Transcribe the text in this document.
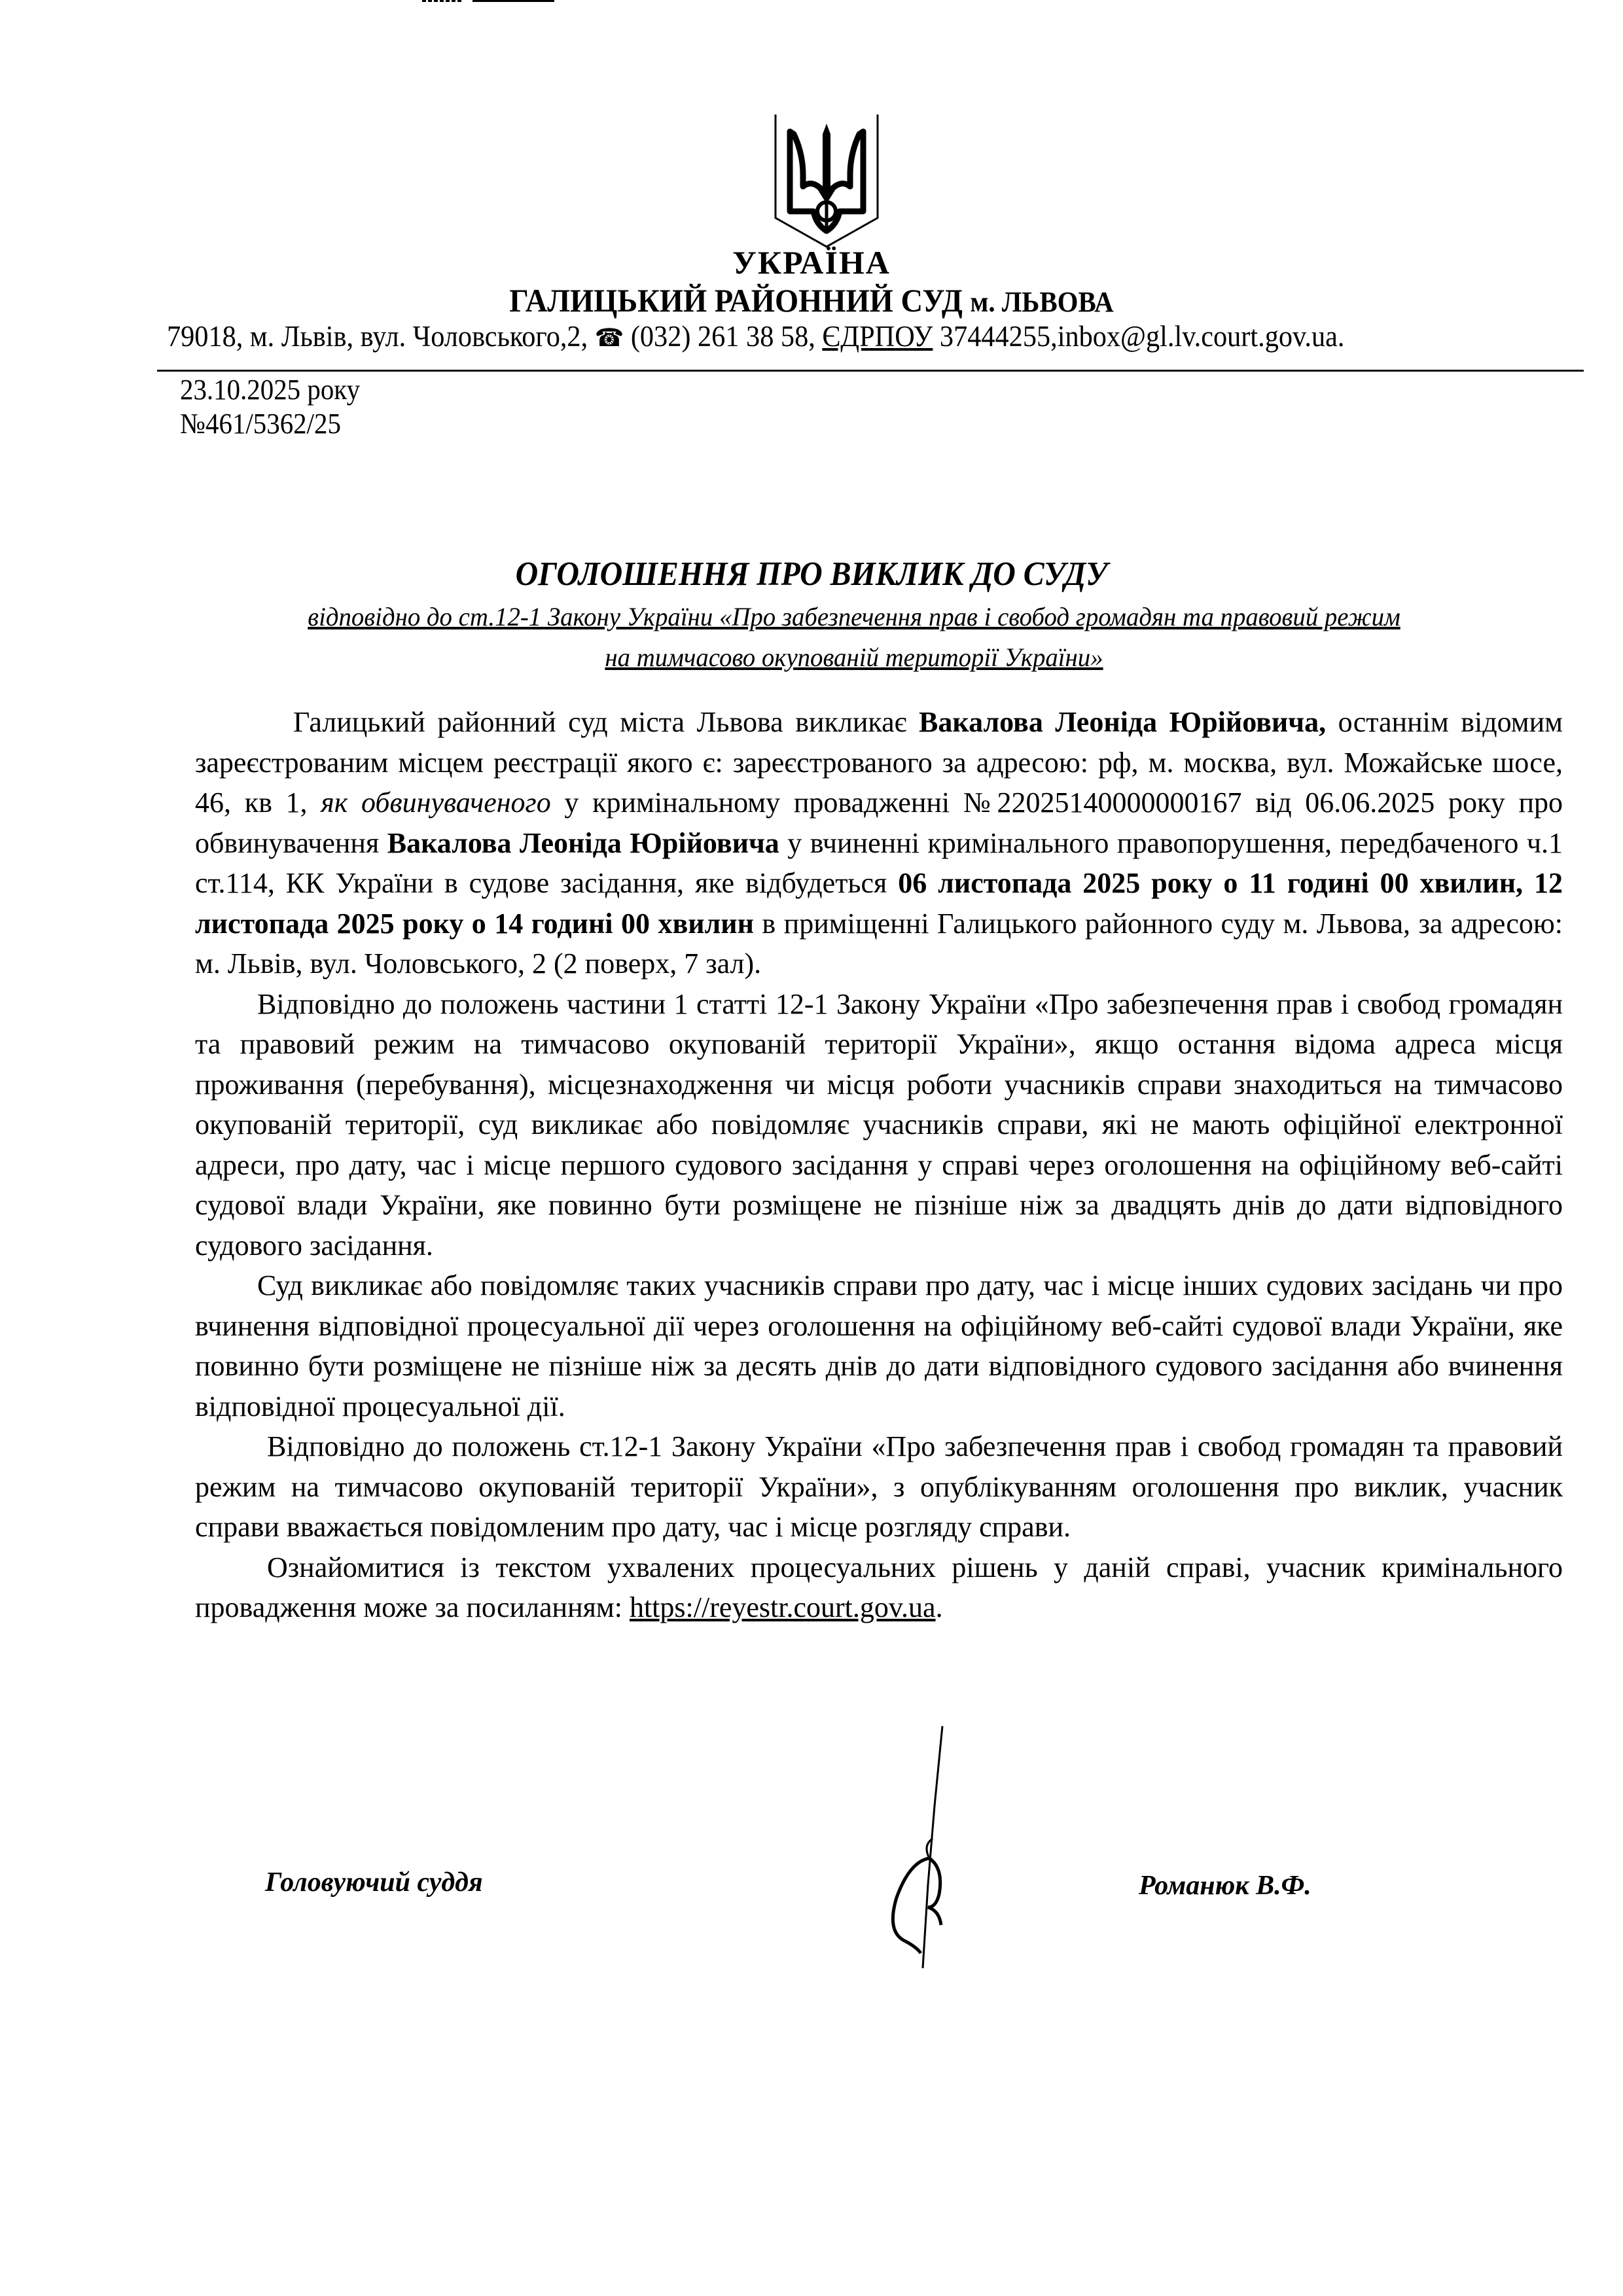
УКРАЇНА
ГАЛИЦЬКИЙ РАЙОННИЙ СУД м. ЛЬВОВА
79018, м. Львів, вул. Чоловського,2, ☎ (032) 261 38 58, ЄДРПОУ 37444255,inbox@gl.lv.court.gov.ua.
23.10.2025 року
№461/5362/25
ОГОЛОШЕННЯ ПРО ВИКЛИК ДО СУДУ
відповідно до ст.12-1 Закону України «Про забезпечення прав і свобод громадян та правовий режим
на тимчасово окупованій території України»

Галицький районний суд міста Львова викликає Вакалова Леоніда Юрійовича, останнім відомим зареєстрованим місцем реєстрації якого є: зареєстрованого за адресою: рф, м. москва, вул. Можайське шосе, 46, кв 1, як обвинуваченого у кримінальному провадженні №22025140000000167 від 06.06.2025 року про обвинувачення Вакалова Леоніда Юрійовича у вчиненні кримінального правопорушення, передбаченого ч.1 ст.114, КК України в судове засідання, яке відбудеться 06 листопада 2025 року о 11 годині 00 хвилин, 12 листопада 2025 року о 14 годині 00 хвилин в приміщенні Галицького районного суду м. Львова, за адресою: м. Львів, вул. Чоловського, 2 (2 поверх, 7 зал).

Відповідно до положень частини 1 статті 12-1 Закону України «Про забезпечення прав і свобод громадян та правовий режим на тимчасово окупованій території України», якщо остання відома адреса місця проживання (перебування), місцезнаходження чи місця роботи учасників справи знаходиться на тимчасово окупованій території, суд викликає або повідомляє учасників справи, які не мають офіційної електронної адреси, про дату, час і місце першого судового засідання у справі через оголошення на офіційному веб-сайті судової влади України, яке повинно бути розміщене не пізніше ніж за двадцять днів до дати відповідного судового засідання.

Суд викликає або повідомляє таких учасників справи про дату, час і місце інших судових засідань чи про вчинення відповідної процесуальної дії через оголошення на офіційному веб-сайті судової влади України, яке повинно бути розміщене не пізніше ніж за десять днів до дати відповідного судового засідання або вчинення відповідної процесуальної дії.

Відповідно до положень ст.12-1 Закону України «Про забезпечення прав і свобод громадян та правовий режим на тимчасово окупованій території України», з опублікуванням оголошення про виклик, учасник справи вважається повідомленим про дату, час і місце розгляду справи.

Ознайомитися із текстом ухвалених процесуальних рішень у даній справі, учасник кримінального провадження може за посиланням: https://reyestr.court.gov.ua.

Головуючий суддя	Романюк В.Ф.
